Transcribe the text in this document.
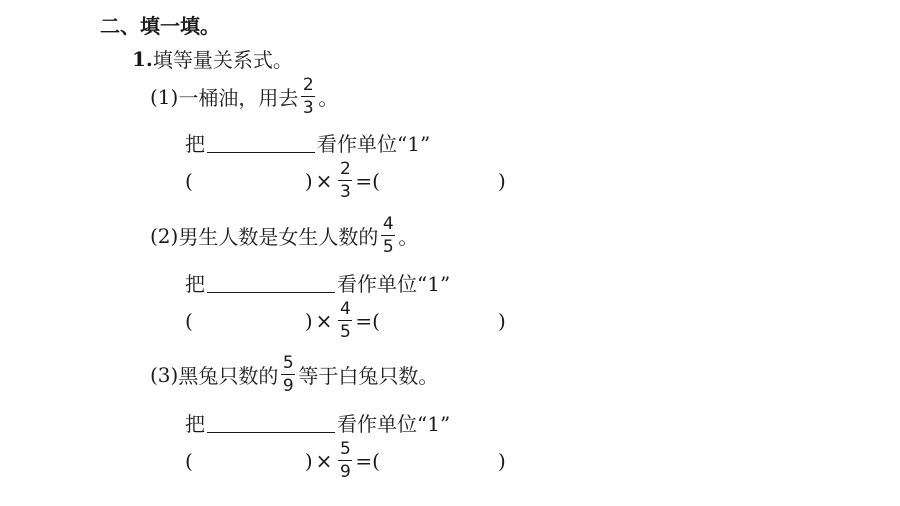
二、填一填。
1. 填等量关系式。
(1) 一桶油，用去 $\frac{2}{3}$ 。
把	看作单位“1”
(	) × $\frac{2}{3}$ =(	)
(2) 男生人数是女生人数的 $\frac{4}{5}$ 。
把	看作单位“1”
(	) × $\frac{4}{5}$ =(	)
(3) 黑兔只数的 $\frac{5}{9}$ 等于白兔只数。
把	看作单位“1”
(	) × $\frac{5}{9}$ =(	)
